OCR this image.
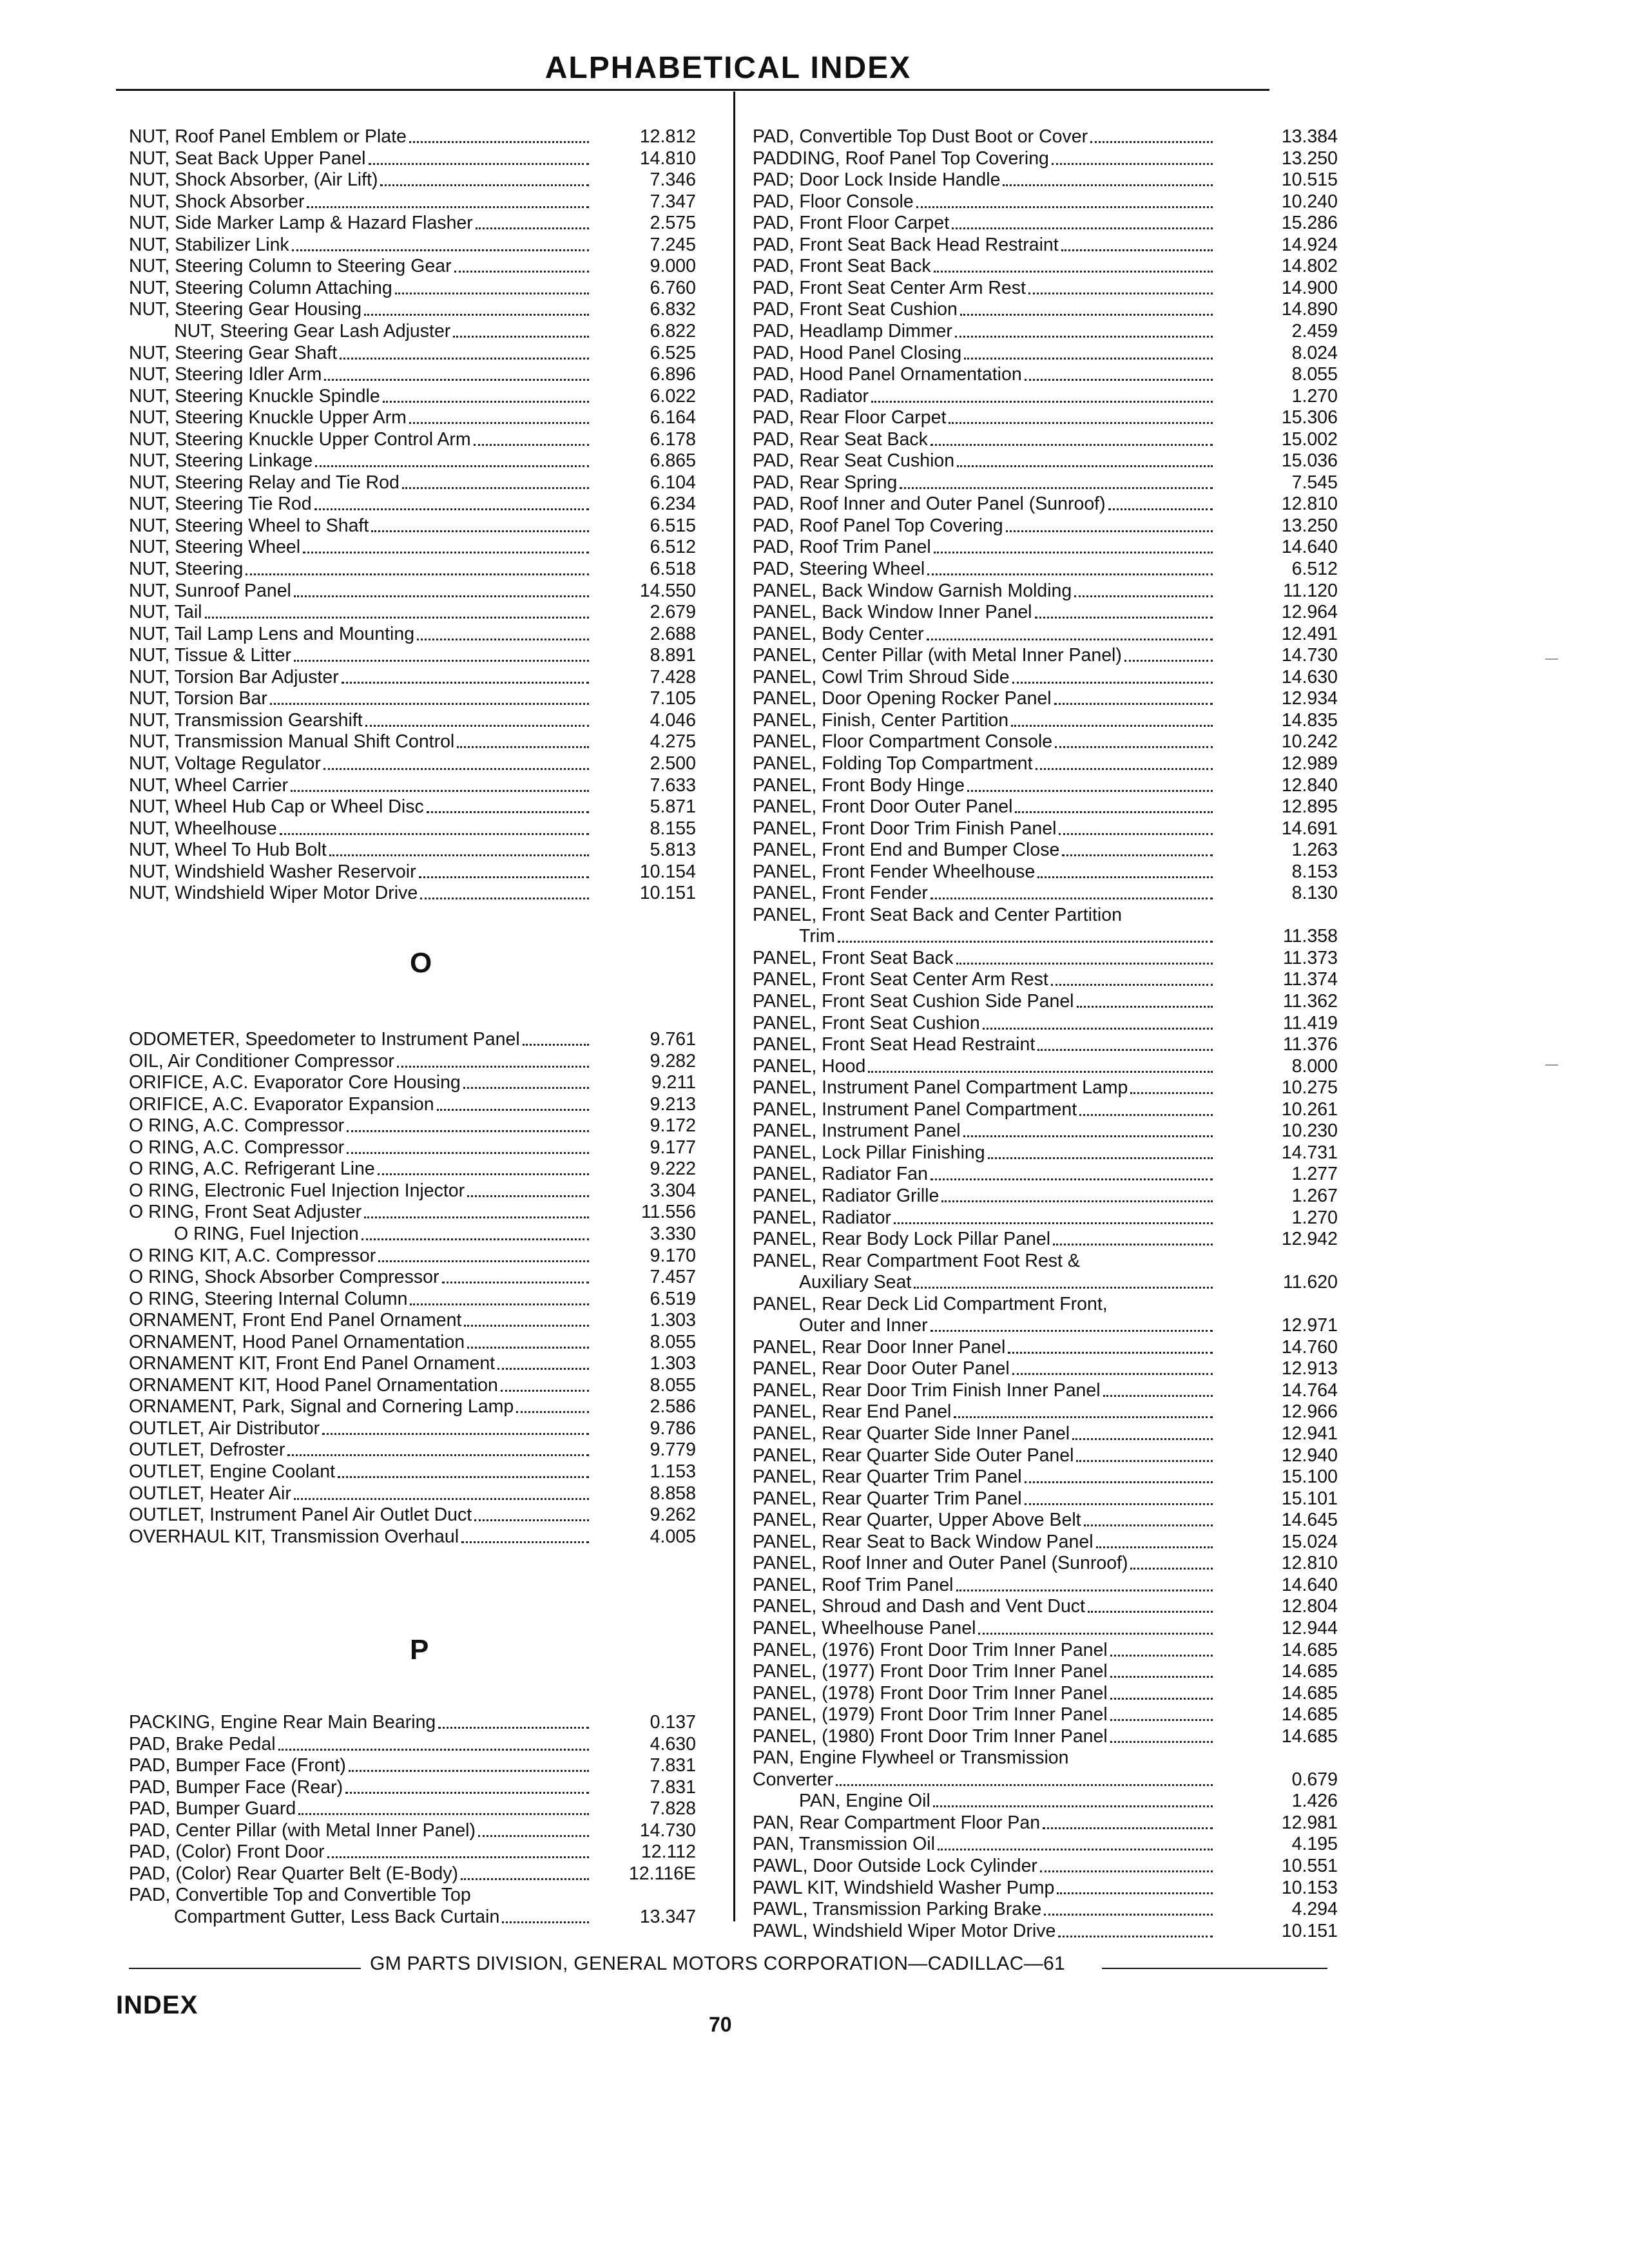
ALPHABETICAL INDEX
NUT, Roof Panel Emblem or Plate	12.812
NUT, Seat Back Upper Panel	14.810
NUT, Shock Absorber, (Air Lift)	7.346
NUT, Shock Absorber	7.347
NUT, Side Marker Lamp & Hazard Flasher	2.575
NUT, Stabilizer Link	7.245
NUT, Steering Column to Steering Gear	9.000
NUT, Steering Column Attaching	6.760
NUT, Steering Gear Housing	6.832
NUT, Steering Gear Lash Adjuster	6.822
NUT, Steering Gear Shaft	6.525
NUT, Steering Idler Arm	6.896
NUT, Steering Knuckle Spindle	6.022
NUT, Steering Knuckle Upper Arm	6.164
NUT, Steering Knuckle Upper Control Arm	6.178
NUT, Steering Linkage	6.865
NUT, Steering Relay and Tie Rod	6.104
NUT, Steering Tie Rod	6.234
NUT, Steering Wheel to Shaft	6.515
NUT, Steering Wheel	6.512
NUT, Steering	6.518
NUT, Sunroof Panel	14.550
NUT, Tail	2.679
NUT, Tail Lamp Lens and Mounting	2.688
NUT, Tissue & Litter	8.891
NUT, Torsion Bar Adjuster	7.428
NUT, Torsion Bar	7.105
NUT, Transmission Gearshift	4.046
NUT, Transmission Manual Shift Control	4.275
NUT, Voltage Regulator	2.500
NUT, Wheel Carrier	7.633
NUT, Wheel Hub Cap or Wheel Disc	5.871
NUT, Wheelhouse	8.155
NUT, Wheel To Hub Bolt	5.813
NUT, Windshield Washer Reservoir	10.154
NUT, Windshield Wiper Motor Drive	10.151
ODOMETER, Speedometer to Instrument Panel	9.761
OIL, Air Conditioner Compressor	9.282
ORIFICE, A.C. Evaporator Core Housing	9.211
ORIFICE, A.C. Evaporator Expansion	9.213
O RING, A.C. Compressor	9.172
O RING, A.C. Compressor	9.177
O RING, A.C. Refrigerant Line	9.222
O RING, Electronic Fuel Injection Injector	3.304
O RING, Front Seat Adjuster	11.556
O RING, Fuel Injection	3.330
O RING KIT, A.C. Compressor	9.170
O RING, Shock Absorber Compressor	7.457
O RING, Steering Internal Column	6.519
ORNAMENT, Front End Panel Ornament	1.303
ORNAMENT, Hood Panel Ornamentation	8.055
ORNAMENT KIT, Front End Panel Ornament	1.303
ORNAMENT KIT, Hood Panel Ornamentation	8.055
ORNAMENT, Park, Signal and Cornering Lamp	2.586
OUTLET, Air Distributor	9.786
OUTLET, Defroster	9.779
OUTLET, Engine Coolant	1.153
OUTLET, Heater Air	8.858
OUTLET, Instrument Panel Air Outlet Duct	9.262
OVERHAUL KIT, Transmission Overhaul	4.005
PACKING, Engine Rear Main Bearing	0.137
PAD, Brake Pedal	4.630
PAD, Bumper Face (Front)	7.831
PAD, Bumper Face (Rear)	7.831
PAD, Bumper Guard	7.828
PAD, Center Pillar (with Metal Inner Panel)	14.730
PAD, (Color) Front Door	12.112
PAD, (Color) Rear Quarter Belt (E-Body)	12.116E
PAD, Convertible Top and Convertible Top
Compartment Gutter, Less Back Curtain	13.347
PAD, Convertible Top Dust Boot or Cover	13.384
PADDING, Roof Panel Top Covering	13.250
PAD; Door Lock Inside Handle	10.515
PAD, Floor Console	10.240
PAD, Front Floor Carpet	15.286
PAD, Front Seat Back Head Restraint	14.924
PAD, Front Seat Back	14.802
PAD, Front Seat Center Arm Rest	14.900
PAD, Front Seat Cushion	14.890
PAD, Headlamp Dimmer	2.459
PAD, Hood Panel Closing	8.024
PAD, Hood Panel Ornamentation	8.055
PAD, Radiator	1.270
PAD, Rear Floor Carpet	15.306
PAD, Rear Seat Back	15.002
PAD, Rear Seat Cushion	15.036
PAD, Rear Spring	7.545
PAD, Roof Inner and Outer Panel (Sunroof)	12.810
PAD, Roof Panel Top Covering	13.250
PAD, Roof Trim Panel	14.640
PAD, Steering Wheel	6.512
PANEL, Back Window Garnish Molding	11.120
PANEL, Back Window Inner Panel	12.964
PANEL, Body Center	12.491
PANEL, Center Pillar (with Metal Inner Panel)	14.730
PANEL, Cowl Trim Shroud Side	14.630
PANEL, Door Opening Rocker Panel	12.934
PANEL, Finish, Center Partition	14.835
PANEL, Floor Compartment Console	10.242
PANEL, Folding Top Compartment	12.989
PANEL, Front Body Hinge	12.840
PANEL, Front Door Outer Panel	12.895
PANEL, Front Door Trim Finish Panel	14.691
PANEL, Front End and Bumper Close	1.263
PANEL, Front Fender Wheelhouse	8.153
PANEL, Front Fender	8.130
PANEL, Front Seat Back and Center Partition
Trim	11.358
PANEL, Front Seat Back	11.373
PANEL, Front Seat Center Arm Rest	11.374
PANEL, Front Seat Cushion Side Panel	11.362
PANEL, Front Seat Cushion	11.419
PANEL, Front Seat Head Restraint	11.376
PANEL, Hood	8.000
PANEL, Instrument Panel Compartment Lamp	10.275
PANEL, Instrument Panel Compartment	10.261
PANEL, Instrument Panel	10.230
PANEL, Lock Pillar Finishing	14.731
PANEL, Radiator Fan	1.277
PANEL, Radiator Grille	1.267
PANEL, Radiator	1.270
PANEL, Rear Body Lock Pillar Panel	12.942
PANEL, Rear Compartment Foot Rest &
Auxiliary Seat	11.620
PANEL, Rear Deck Lid Compartment Front,
Outer and Inner	12.971
PANEL, Rear Door Inner Panel	14.760
PANEL, Rear Door Outer Panel	12.913
PANEL, Rear Door Trim Finish Inner Panel	14.764
PANEL, Rear End Panel	12.966
PANEL, Rear Quarter Side Inner Panel	12.941
PANEL, Rear Quarter Side Outer Panel	12.940
PANEL, Rear Quarter Trim Panel	15.100
PANEL, Rear Quarter Trim Panel	15.101
PANEL, Rear Quarter, Upper Above Belt	14.645
PANEL, Rear Seat to Back Window Panel	15.024
PANEL, Roof Inner and Outer Panel (Sunroof)	12.810
PANEL, Roof Trim Panel	14.640
PANEL, Shroud and Dash and Vent Duct	12.804
PANEL, Wheelhouse Panel	12.944
PANEL, (1976) Front Door Trim Inner Panel	14.685
PANEL, (1977) Front Door Trim Inner Panel	14.685
PANEL, (1978) Front Door Trim Inner Panel	14.685
PANEL, (1979) Front Door Trim Inner Panel	14.685
PANEL, (1980) Front Door Trim Inner Panel	14.685
PAN, Engine Flywheel or Transmission
Converter	0.679
PAN, Engine Oil	1.426
PAN, Rear Compartment Floor Pan	12.981
PAN, Transmission Oil	4.195
PAWL, Door Outside Lock Cylinder	10.551
PAWL KIT, Windshield Washer Pump	10.153
PAWL, Transmission Parking Brake	4.294
PAWL, Windshield Wiper Motor Drive	10.151
O
P
GM PARTS DIVISION, GENERAL MOTORS CORPORATION—CADILLAC—61
INDEX
70
